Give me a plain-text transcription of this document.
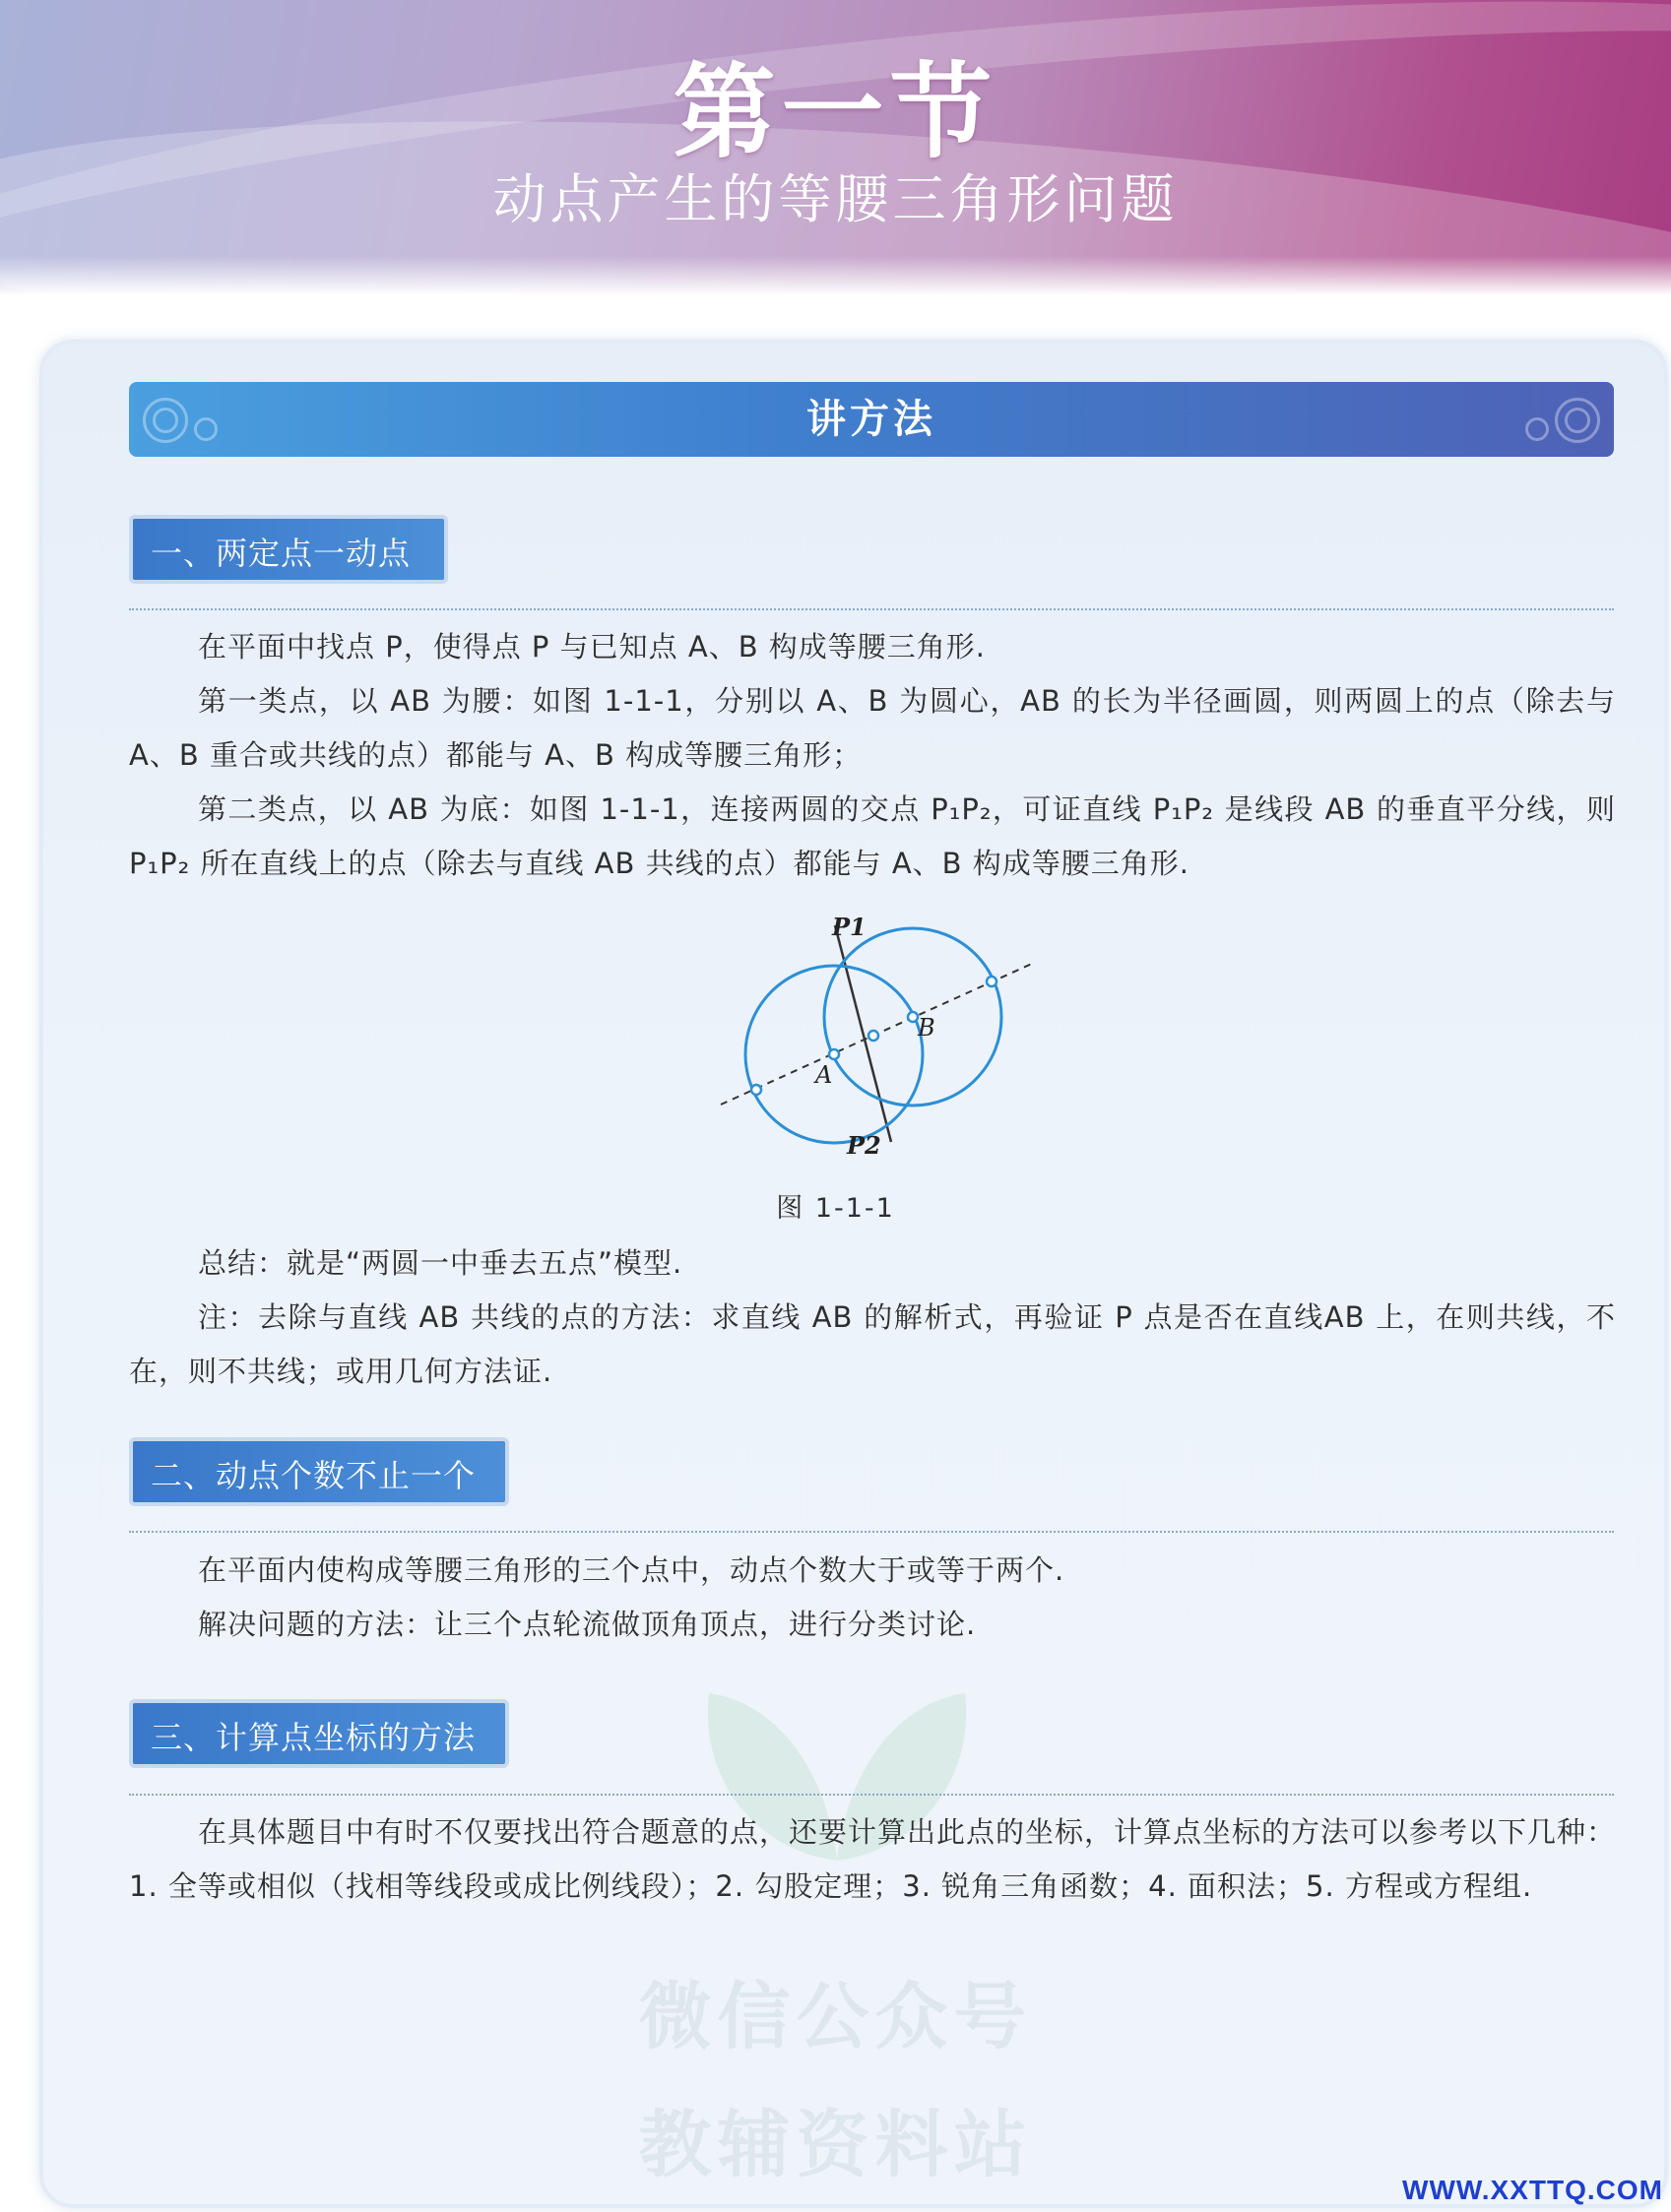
第一节
动点产生的等腰三角形问题
微信公众号
教辅资料站
讲方法
一、两定点一动点

在平面中找点 P，使得点 P 与已知点 A、B 构成等腰三角形.

第一类点，以 AB 为腰：如图 1-1-1，分别以 A、B 为圆心，AB 的长为半径画圆，则两圆上的点（除去与 A、B 重合或共线的点）都能与 A、B 构成等腰三角形；

第二类点，以 AB 为底：如图 1-1-1，连接两圆的交点 P₁P₂，可证直线 P₁P₂ 是线段 AB 的垂直平分线，则 P₁P₂ 所在直线上的点（除去与直线 AB 共线的点）都能与 A、B 构成等腰三角形.

P1
P2
A
B
图 1-1-1

总结：就是“两圆一中垂去五点”模型.

注：去除与直线 AB 共线的点的方法：求直线 AB 的解析式，再验证 P 点是否在直线AB 上，在则共线，不在，则不共线；或用几何方法证.

二、动点个数不止一个

在平面内使构成等腰三角形的三个点中，动点个数大于或等于两个.

解决问题的方法：让三个点轮流做顶角顶点，进行分类讨论.

三、计算点坐标的方法

在具体题目中有时不仅要找出符合题意的点，还要计算出此点的坐标，计算点坐标的方法可以参考以下几种：1. 全等或相似（找相等线段或成比例线段）；2. 勾股定理；3. 锐角三角函数；4. 面积法；5. 方程或方程组.

WWW.XXTTQ.COM
